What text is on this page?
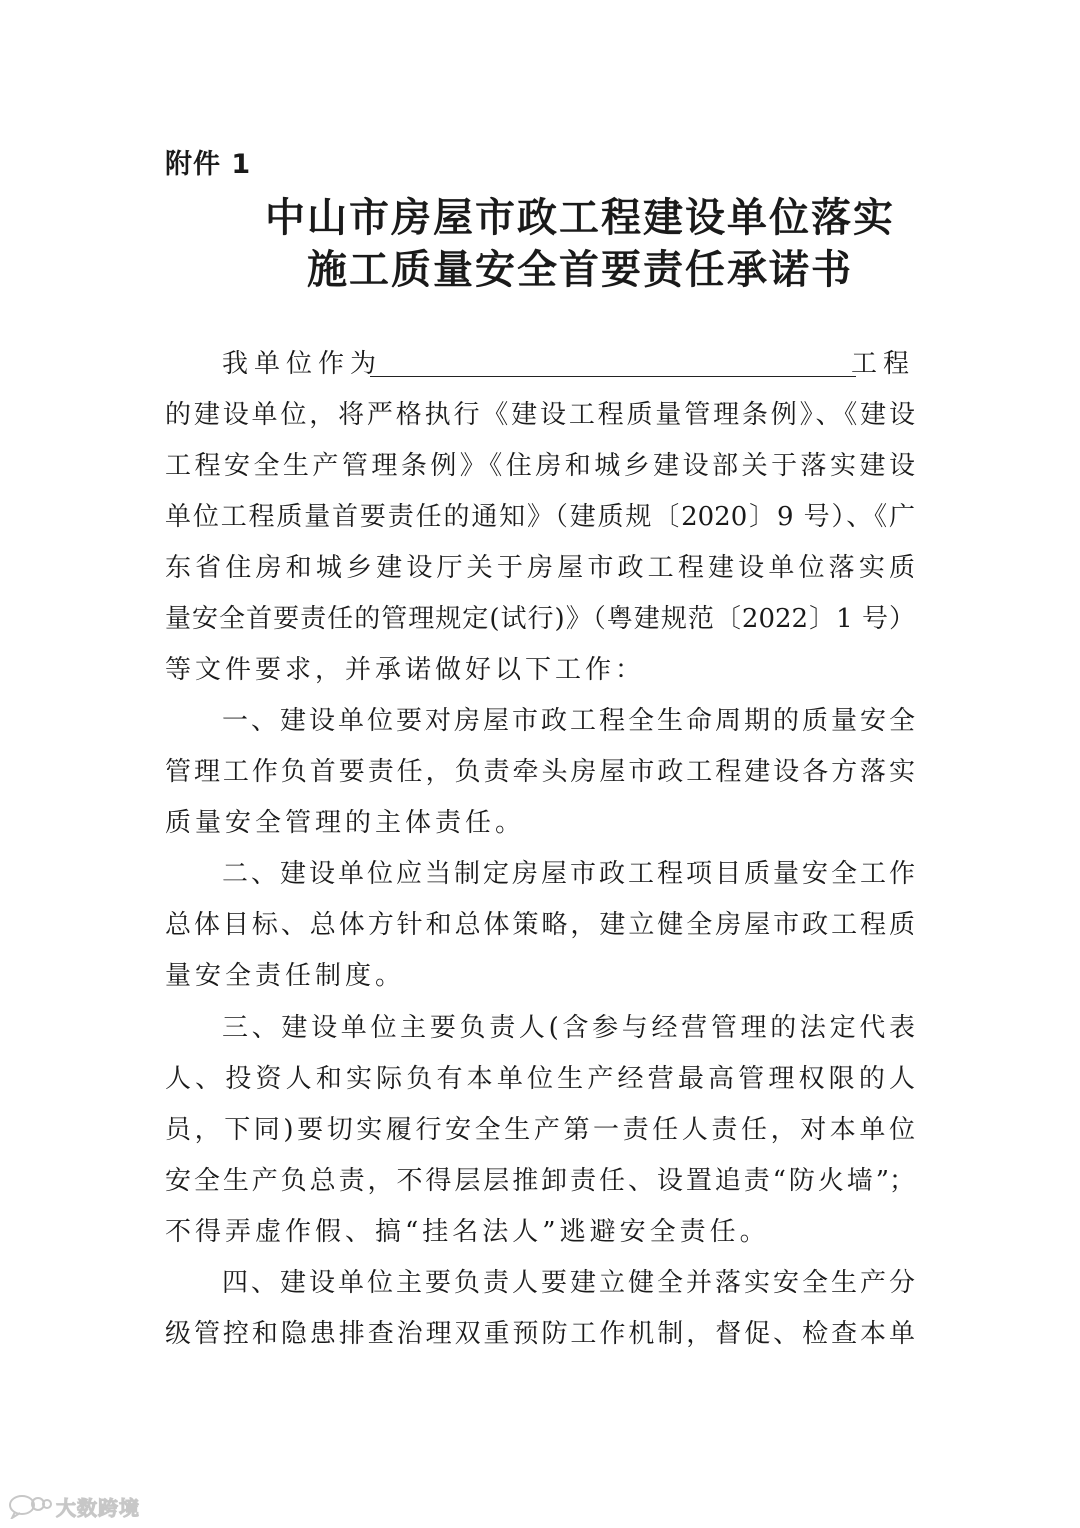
附件 1
中山市房屋市政工程建设单位落实
施工质量安全首要责任承诺书
我单位作为	工程
的建设单位，将严格执行《建设工程质量管理条例》、《建设
工程安全生产管理条例》《住房和城乡建设部关于落实建设
单位工程质量首要责任的通知》（建质规〔2020〕9 号）、《广
东省住房和城乡建设厅关于房屋市政工程建设单位落实质
量安全首要责任的管理规定(试行)》（粤建规范〔2022〕1 号）
等文件要求，并承诺做好以下工作：
一、建设单位要对房屋市政工程全生命周期的质量安全
管理工作负首要责任，负责牵头房屋市政工程建设各方落实
质量安全管理的主体责任。
二、建设单位应当制定房屋市政工程项目质量安全工作
总体目标、总体方针和总体策略，建立健全房屋市政工程质
量安全责任制度。
三、建设单位主要负责人(含参与经营管理的法定代表
人、投资人和实际负有本单位生产经营最高管理权限的人
员，下同)要切实履行安全生产第一责任人责任，对本单位
安全生产负总责，不得层层推卸责任、设置追责“防火墙”；
不得弄虚作假、搞“挂名法人”逃避安全责任。
四、建设单位主要负责人要建立健全并落实安全生产分
级管控和隐患排查治理双重预防工作机制，督促、检查本单
大数跨境
